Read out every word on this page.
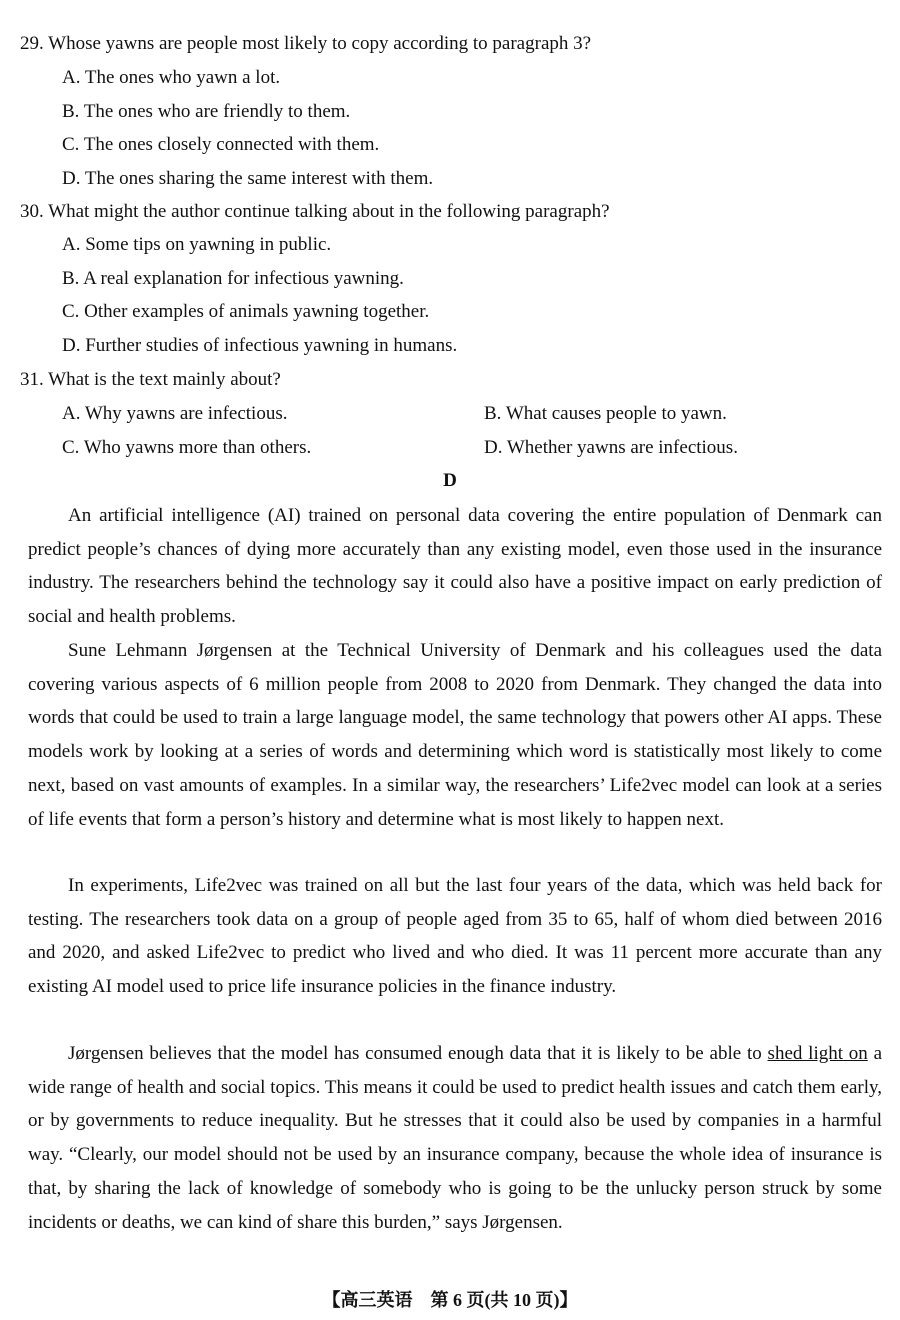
29. Whose yawns are people most likely to copy according to paragraph 3?
A. The ones who yawn a lot.
B. The ones who are friendly to them.
C. The ones closely connected with them.
D. The ones sharing the same interest with them.
30. What might the author continue talking about in the following paragraph?
A. Some tips on yawning in public.
B. A real explanation for infectious yawning.
C. Other examples of animals yawning together.
D. Further studies of infectious yawning in humans.
31. What is the text mainly about?
A. Why yawns are infectious.	B. What causes people to yawn.
C. Who yawns more than others.	D. Whether yawns are infectious.
D
An artificial intelligence (AI) trained on personal data covering the entire population of Denmark can predict people’s chances of dying more accurately than any existing model, even those used in the insurance industry. The researchers behind the technology say it could also have a positive impact on early prediction of social and health problems.
Sune Lehmann Jørgensen at the Technical University of Denmark and his colleagues used the data covering various aspects of 6 million people from 2008 to 2020 from Denmark. They changed the data into words that could be used to train a large language model, the same technology that powers other AI apps. These models work by looking at a series of words and determining which word is statistically most likely to come next, based on vast amounts of examples. In a similar way, the researchers’ Life2vec model can look at a series of life events that form a person’s history and determine what is most likely to happen next.
In experiments, Life2vec was trained on all but the last four years of the data, which was held back for testing. The researchers took data on a group of people aged from 35 to 65, half of whom died between 2016 and 2020, and asked Life2vec to predict who lived and who died. It was 11 percent more accurate than any existing AI model used to price life insurance policies in the finance industry.
Jørgensen believes that the model has consumed enough data that it is likely to be able to shed light on a wide range of health and social topics. This means it could be used to predict health issues and catch them early, or by governments to reduce inequality. But he stresses that it could also be used by companies in a harmful way. “Clearly, our model should not be used by an insurance company, because the whole idea of insurance is that, by sharing the lack of knowledge of somebody who is going to be the unlucky person struck by some incidents or deaths, we can kind of share this burden,” says Jørgensen.
【高三英语　第 6 页(共 10 页)】
